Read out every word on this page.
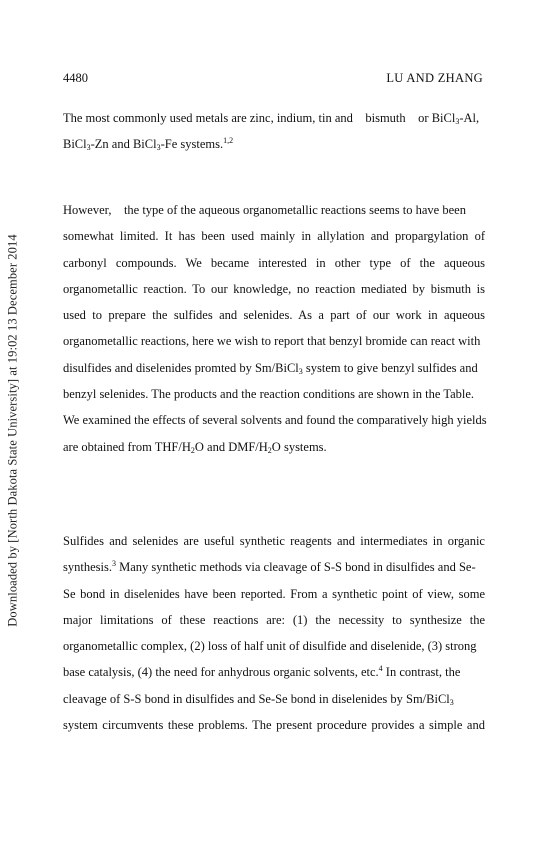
Downloaded by [North Dakota State University] at 19:02 13 December 2014
4480	LU AND ZHANG
The most commonly used metals are zinc, indium, tin and    bismuth    or BiCl$_3$-Al,
BiCl$_3$-Zn and BiCl$_3$-Fe systems.$^{1,2}$
However,    the type of the aqueous organometallic reactions seems to have been
somewhat limited. It has been used mainly in allylation and propargylation of
carbonyl compounds. We became interested in other type of the aqueous
organometallic reaction. To our knowledge, no reaction mediated by bismuth is
used to prepare the sulfides and selenides. As a part of our work in aqueous
organometallic reactions, here we wish to report that benzyl bromide can react with
disulfides and diselenides promted by Sm/BiCl$_3$ system to give benzyl sulfides and
benzyl selenides. The products and the reaction conditions are shown in the Table.
We examined the effects of several solvents and found the comparatively high yields
are obtained from THF/$H_2O$ and DMF/$H_2O$ systems.
Sulfides and selenides are useful synthetic reagents and intermediates in organic
synthesis.$^3$ Many synthetic methods via cleavage of S-S bond in disulfides and Se-
Se bond in diselenides have been reported. From a synthetic point of view, some
major limitations of these reactions are: (1) the necessity to synthesize the
organometallic complex, (2) loss of half unit of disulfide and diselenide, (3) strong
base catalysis, (4) the need for anhydrous organic solvents, etc.$^4$ In contrast, the
cleavage of S-S bond in disulfides and Se-Se bond in diselenides by Sm/BiCl$_3$
system circumvents these problems. The present procedure provides a simple and
